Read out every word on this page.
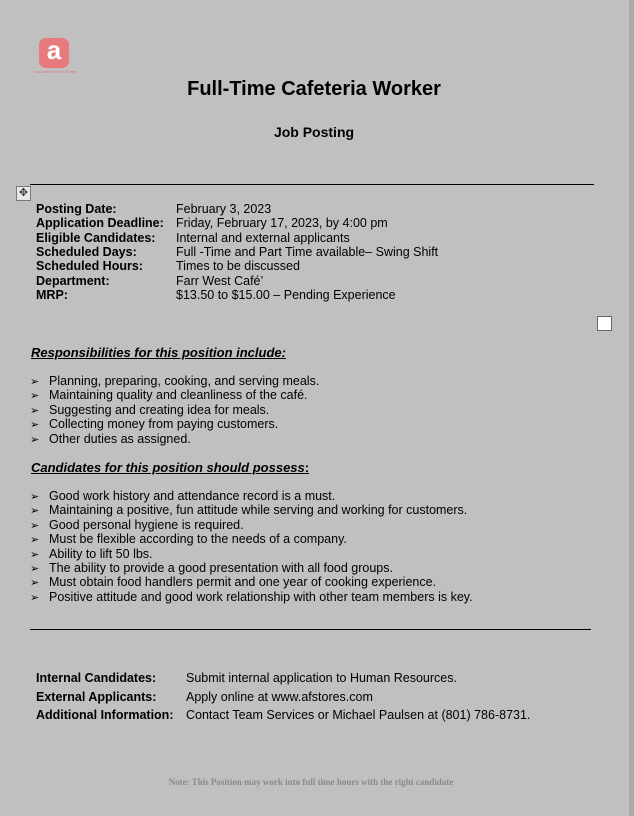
a
Associated Food Stores
Full-Time Cafeteria Worker
Job Posting
✥
Posting Date:	February 3, 2023
Application Deadline: Friday, February 17, 2023, by 4:00 pm
Eligible Candidates: Internal and external applicants
Scheduled Days:	Full -Time and Part Time available– Swing Shift
Scheduled Hours:	Times to be discussed
Department:	Farr West Café’
MRP:	$13.50 to $15.00 – Pending Experience
Responsibilities for this position include:
➢ Planning, preparing, cooking, and serving meals.
➢ Maintaining quality and cleanliness of the café.
➢ Suggesting and creating idea for meals.
➢ Collecting money from paying customers.
➢ Other duties as assigned.
Candidates for this position should possess:
➢ Good work history and attendance record is a must.
➢ Maintaining a positive, fun attitude while serving and working for customers.
➢ Good personal hygiene is required.
➢ Must be flexible according to the needs of a company.
➢ Ability to lift 50 lbs.
➢ The ability to provide a good presentation with all food groups.
➢ Must obtain food handlers permit and one year of cooking experience.
➢ Positive attitude and good work relationship with other team members is key.
Internal Candidates: Submit internal application to Human Resources.
External Applicants: Apply online at www.afstores.com
Additional Information: Contact Team Services or Michael Paulsen at (801) 786-8731.
Note: This Position may work into full time hours with the right candidate
